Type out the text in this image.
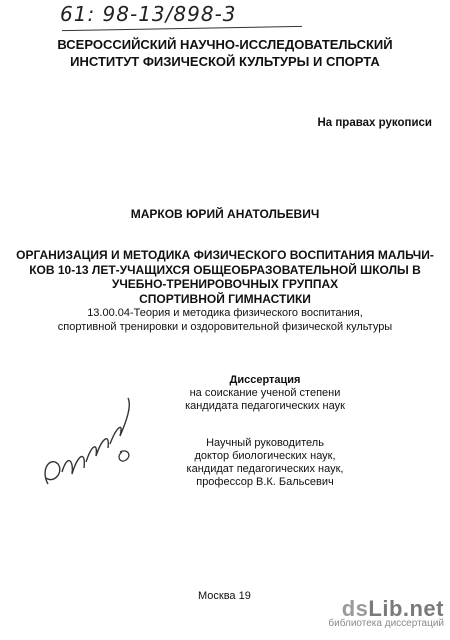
61: 98-13/898-3
ВСЕРОССИЙСКИЙ НАУЧНО-ИССЛЕДОВАТЕЛЬСКИЙ
ИНСТИТУТ ФИЗИЧЕСКОЙ КУЛЬТУРЫ И СПОРТА
На правах рукописи
МАРКОВ ЮРИЙ АНАТОЛЬЕВИЧ
ОРГАНИЗАЦИЯ И МЕТОДИКА ФИЗИЧЕСКОГО ВОСПИТАНИЯ МАЛЬЧИ-
КОВ 10-13 ЛЕТ-УЧАЩИХСЯ ОБЩЕОБРАЗОВАТЕЛЬНОЙ ШКОЛЫ В
УЧЕБНО-ТРЕНИРОВОЧНЫХ ГРУППАХ
СПОРТИВНОЙ ГИМНАСТИКИ
13.00.04-Теория и методика физического воспитания,
спортивной тренировки и оздоровительной физической культуры
Диссертация
на соискание ученой степени
кандидата педагогических наук
Научный руководитель
доктор биологических наук,
кандидат педагогических наук,
профессор В.К. Бальсевич
Москва 19	dsLib.net
библиотека диссертаций
